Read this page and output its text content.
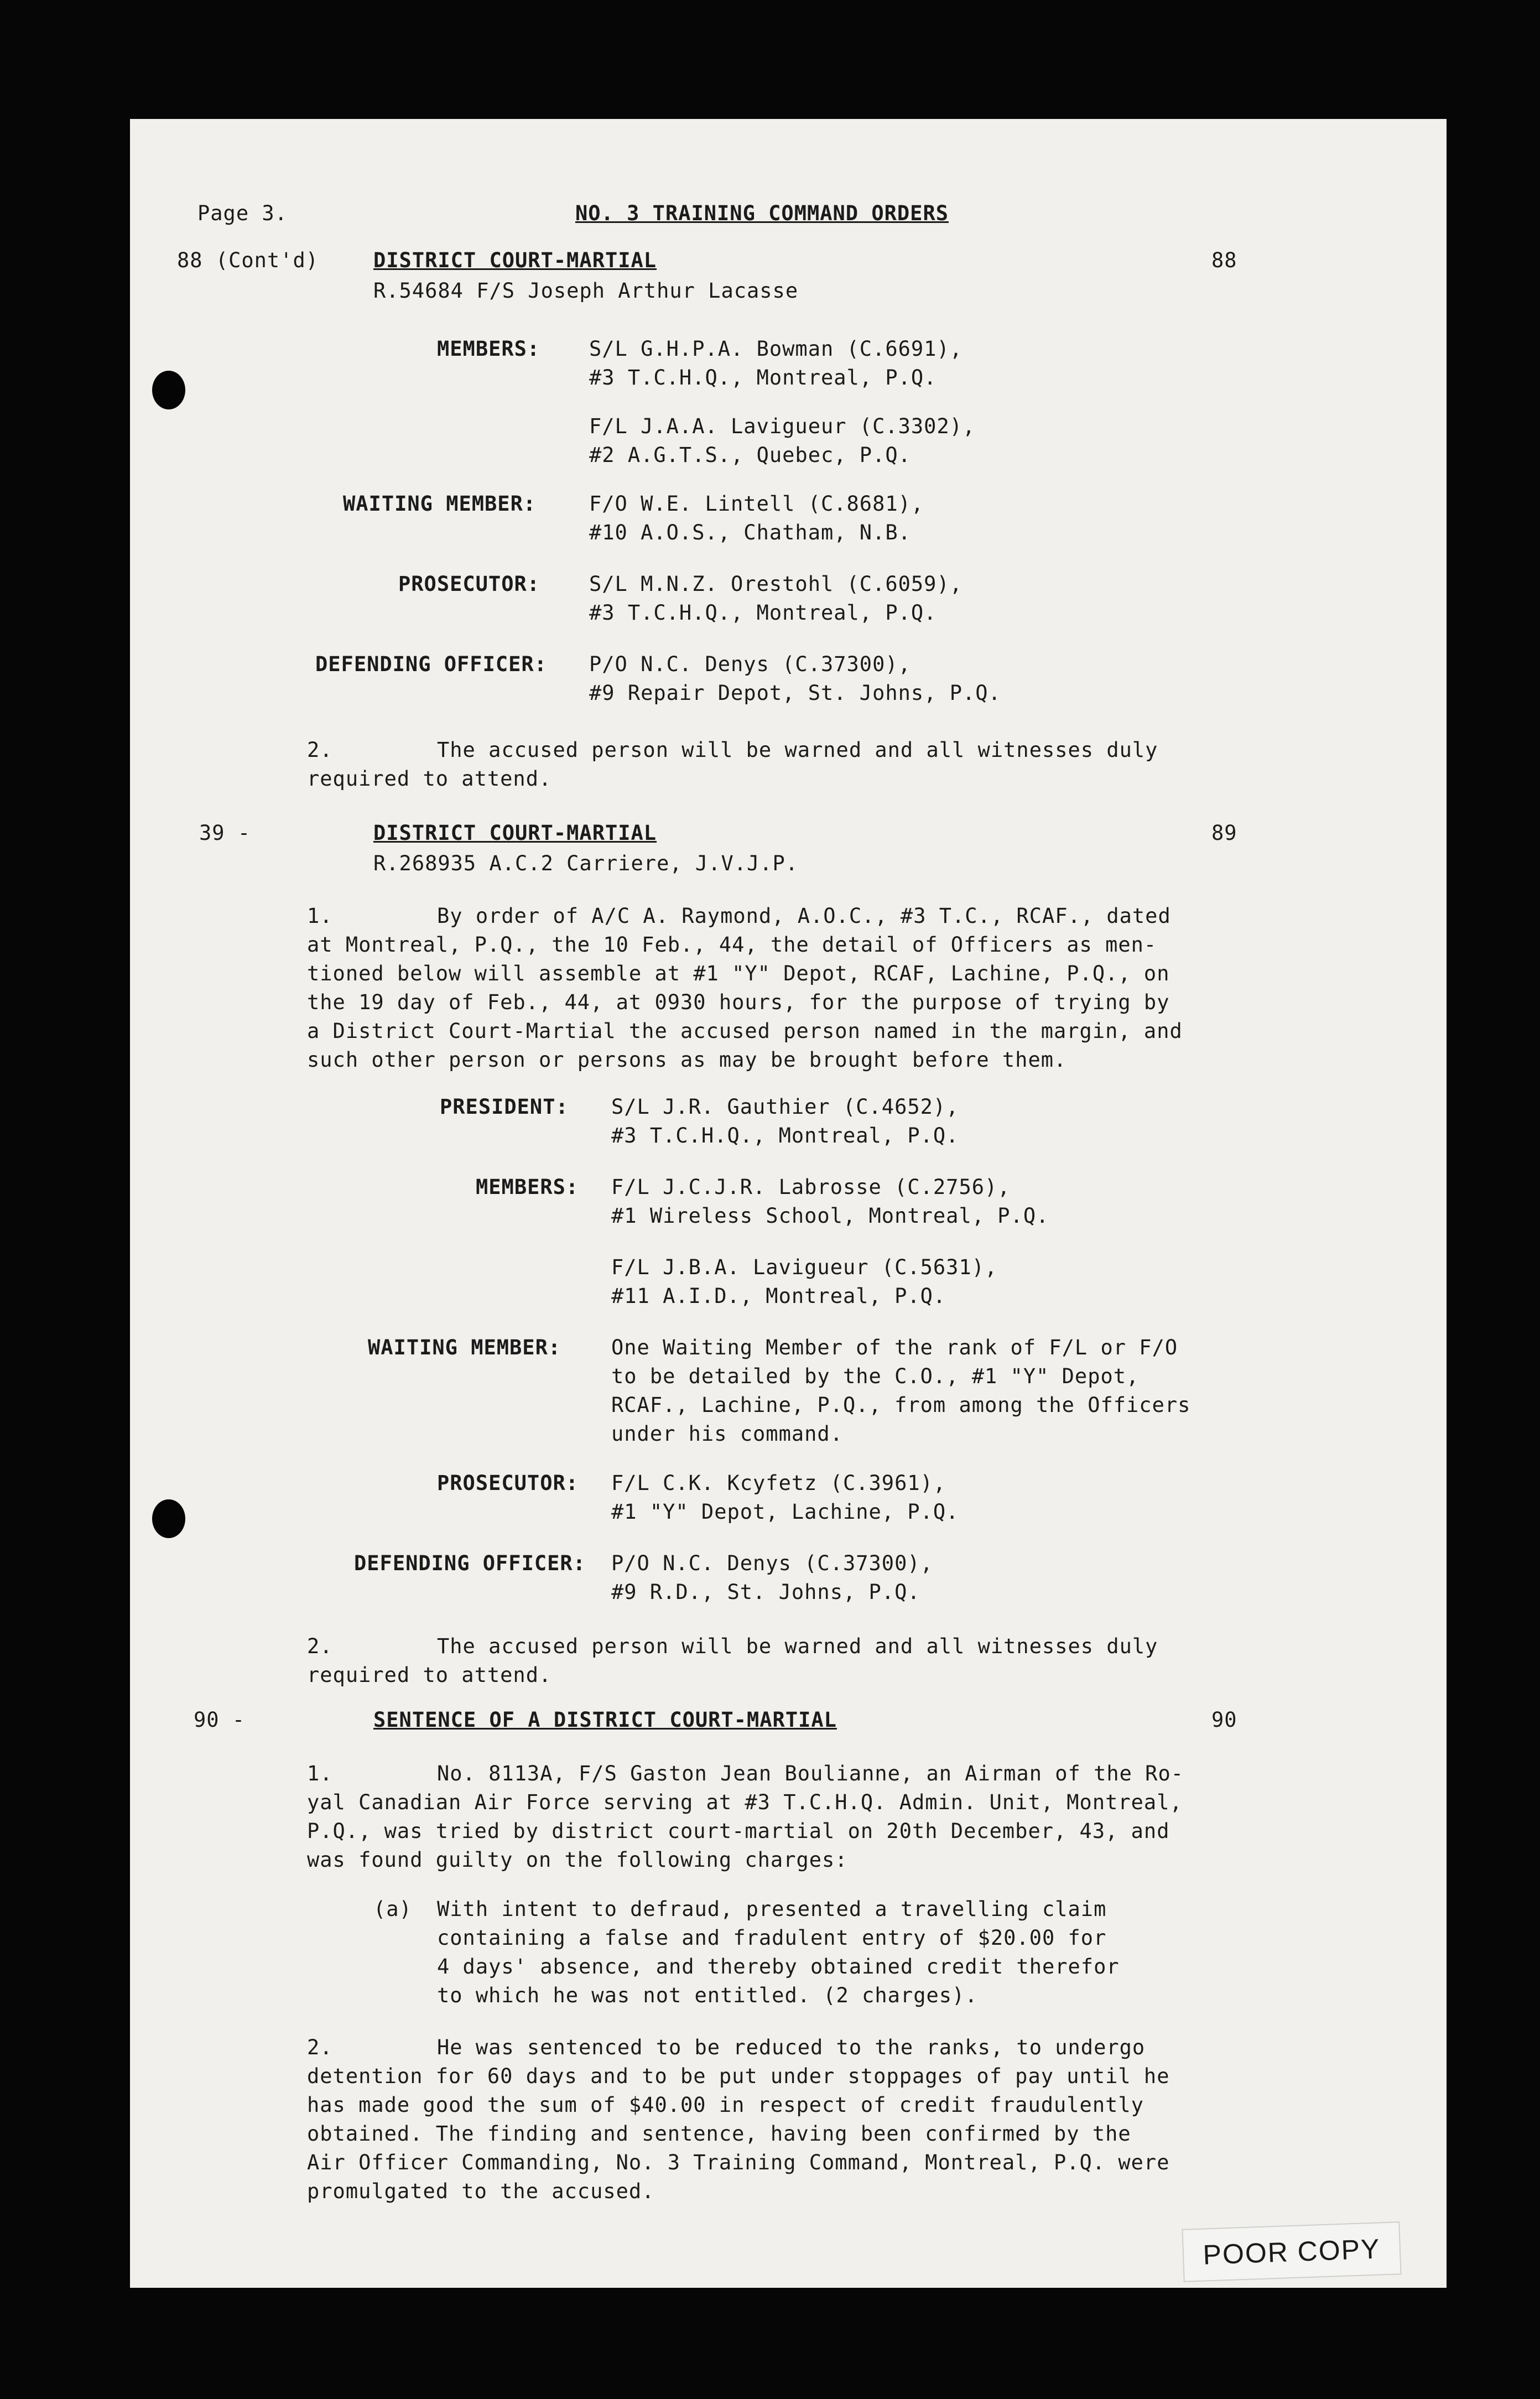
Page 3.	NO. 3 TRAINING COMMAND ORDERS
88 (Cont'd)	DISTRICT COURT-MARTIAL	88
R.54684 F/S Joseph Arthur Lacasse
MEMBERS: S/L G.H.P.A. Bowman (C.6691),
#3 T.C.H.Q., Montreal, P.Q.
F/L J.A.A. Lavigueur (C.3302),
#2 A.G.T.S., Quebec, P.Q.
WAITING MEMBER:	F/O W.E. Lintell (C.8681),
#10 A.O.S., Chatham, N.B.
PROSECUTOR: S/L M.N.Z. Orestohl (C.6059),
#3 T.C.H.Q., Montreal, P.Q.
DEFENDING OFFICER: P/O N.C. Denys (C.37300),
#9 Repair Depot, St. Johns, P.Q.
2.	The accused person will be warned and all witnesses duly
required to attend.
39 -	DISTRICT COURT-MARTIAL	89
R.268935 A.C.2 Carriere, J.V.J.P.
1.	By order of A/C A. Raymond, A.O.C., #3 T.C., RCAF., dated
at Montreal, P.Q., the 10 Feb., 44, the detail of Officers as men-
tioned below will assemble at #1 "Y" Depot, RCAF, Lachine, P.Q., on
the 19 day of Feb., 44, at 0930 hours, for the purpose of trying by
a District Court-Martial the accused person named in the margin, and
such other person or persons as may be brought before them.
PRESIDENT: S/L J.R. Gauthier (C.4652),
#3 T.C.H.Q., Montreal, P.Q.
MEMBERS: F/L J.C.J.R. Labrosse (C.2756),
#1 Wireless School, Montreal, P.Q.
F/L J.B.A. Lavigueur (C.5631),
#11 A.I.D., Montreal, P.Q.
WAITING MEMBER: One Waiting Member of the rank of F/L or F/O
to be detailed by the C.O., #1 "Y" Depot,
RCAF., Lachine, P.Q., from among the Officers
under his command.
PROSECUTOR: F/L C.K. Kcyfetz (C.3961),
#1 "Y" Depot, Lachine, P.Q.
DEFENDING OFFICER: P/O N.C. Denys (C.37300),
#9 R.D., St. Johns, P.Q.
2.	The accused person will be warned and all witnesses duly
required to attend.
90 -	SENTENCE OF A DISTRICT COURT-MARTIAL	90
1.	No. 8113A, F/S Gaston Jean Boulianne, an Airman of the Ro-
yal Canadian Air Force serving at #3 T.C.H.Q. Admin. Unit, Montreal,
P.Q., was tried by district court-martial on 20th December, 43, and
was found guilty on the following charges:
(a) With intent to defraud, presented a travelling claim
containing a false and fradulent entry of $20.00 for
4 days' absence, and thereby obtained credit therefor
to which he was not entitled. (2 charges).
2.	He was sentenced to be reduced to the ranks, to undergo
detention for 60 days and to be put under stoppages of pay until he
has made good the sum of $40.00 in respect of credit fraudulently
obtained. The finding and sentence, having been confirmed by the
Air Officer Commanding, No. 3 Training Command, Montreal, P.Q. were
promulgated to the accused.
POOR COPY
